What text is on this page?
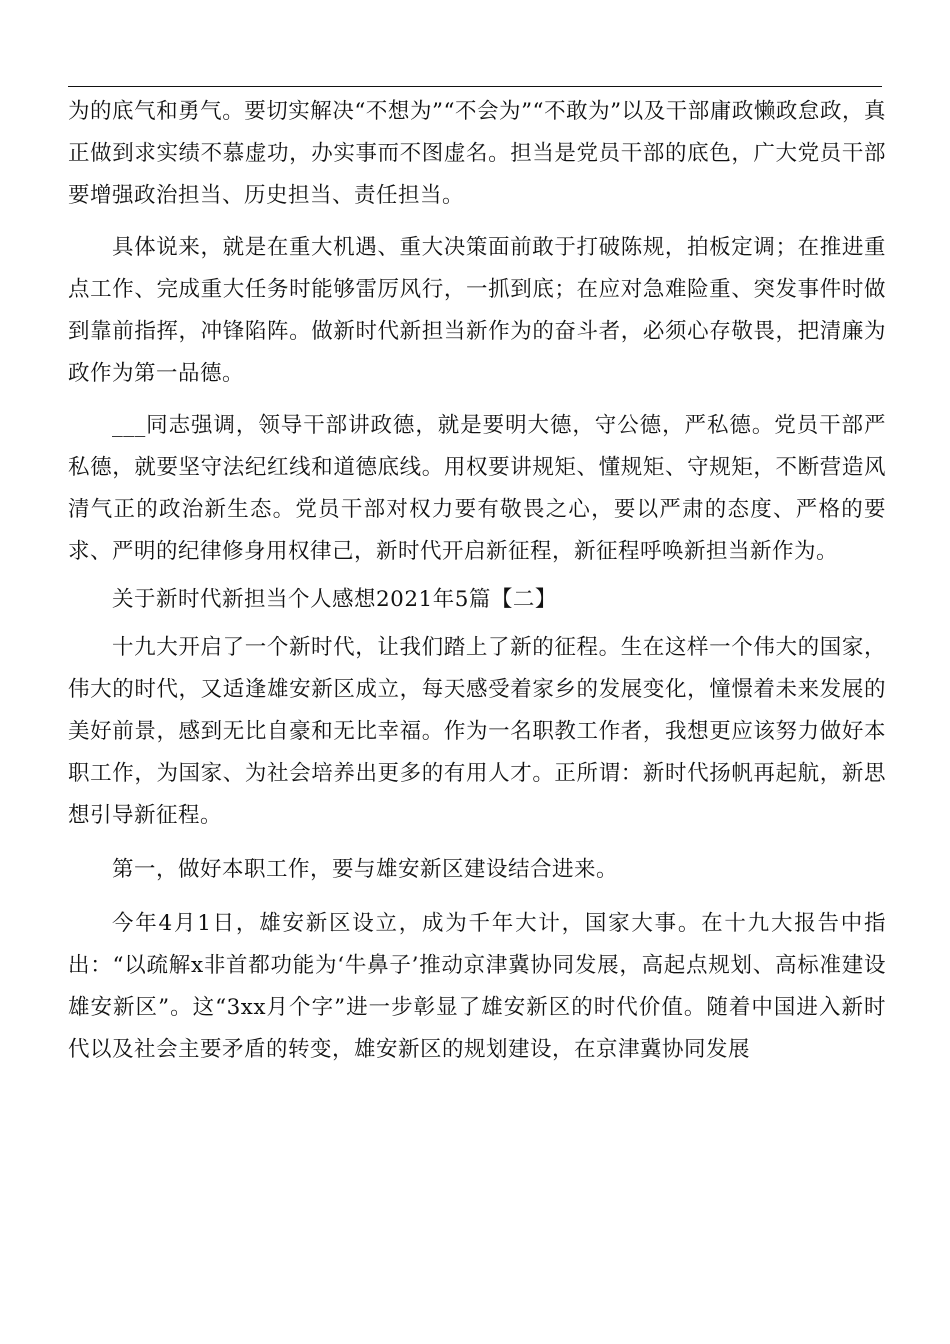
为的底气和勇气。要切实解决“不想为”“不会为”“不敢为”以及干部庸政懒政怠政，真正做到求实绩不慕虚功，办实事而不图虚名。担当是党员干部的底色，广大党员干部要增强政治担当、历史担当、责任担当。

具体说来，就是在重大机遇、重大决策面前敢于打破陈规，拍板定调；在推进重点工作、完成重大任务时能够雷厉风行，一抓到底；在应对急难险重、突发事件时做到靠前指挥，冲锋陷阵。做新时代新担当新作为的奋斗者，必须心存敬畏，把清廉为政作为第一品德。

___同志强调，领导干部讲政德，就是要明大德，守公德，严私德。党员干部严私德，就要坚守法纪红线和道德底线。用权要讲规矩、懂规矩、守规矩，不断营造风清气正的政治新生态。党员干部对权力要有敬畏之心，要以严肃的态度、严格的要求、严明的纪律修身用权律己，新时代开启新征程，新征程呼唤新担当新作为。

关于新时代新担当个人感想2021年5篇【二】

十九大开启了一个新时代，让我们踏上了新的征程。生在这样一个伟大的国家，伟大的时代，又适逢雄安新区成立，每天感受着家乡的发展变化，憧憬着未来发展的美好前景，感到无比自豪和无比幸福。作为一名职教工作者，我想更应该努力做好本职工作，为国家、为社会培养出更多的有用人才。正所谓：新时代扬帆再起航，新思想引导新征程。

第一，做好本职工作，要与雄安新区建设结合进来。

今年4月1日，雄安新区设立，成为千年大计，国家大事。在十九大报告中指出：“以疏解x非首都功能为‘牛鼻子’推动京津冀协同发展，高起点规划、高标准建设雄安新区”。这“3xx月个字”进一步彰显了雄安新区的时代价值。随着中国进入新时代以及社会主要矛盾的转变，雄安新区的规划建设，在京津冀协同发展
